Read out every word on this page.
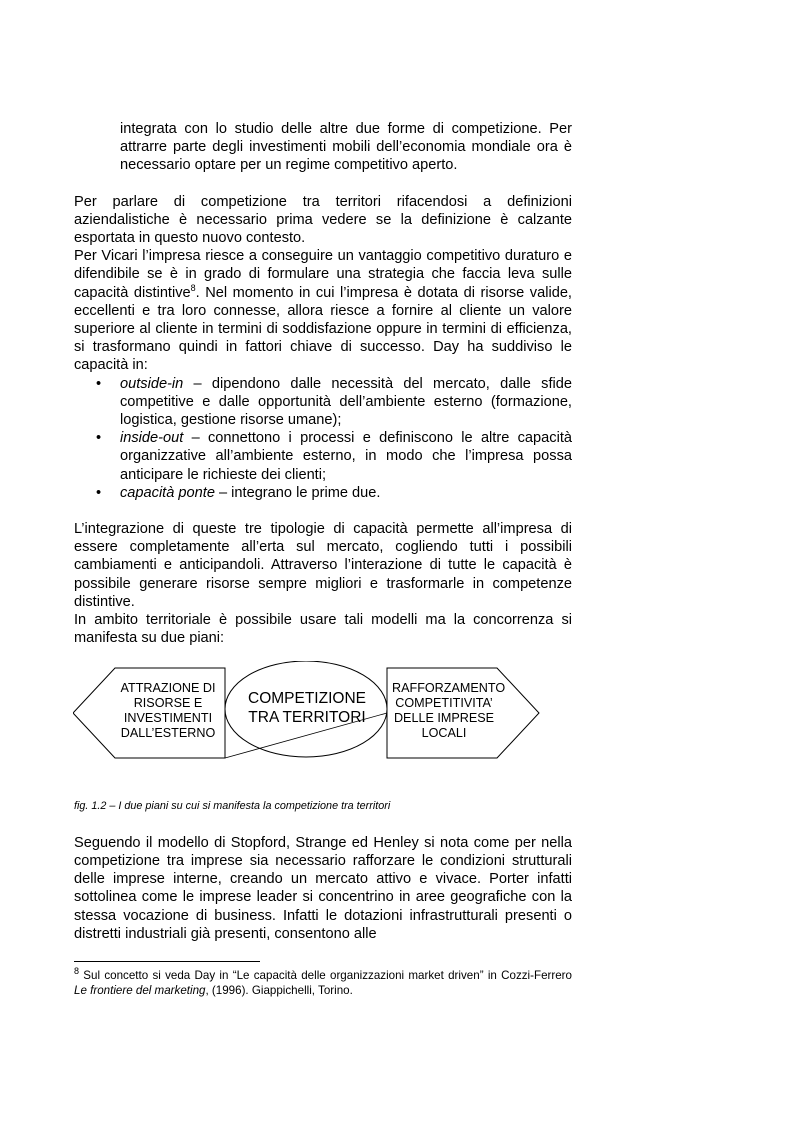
integrata con lo studio delle altre due forme di competizione. Per attrarre parte degli investimenti mobili dell’economia mondiale ora è necessario optare per un regime competitivo aperto.

Per parlare di competizione tra territori rifacendosi a definizioni aziendalistiche è necessario prima vedere se la definizione è calzante esportata in questo nuovo contesto.

Per Vicari l’impresa riesce a conseguire un vantaggio competitivo duraturo e difendibile se è in grado di formulare una strategia che faccia leva sulle capacità distintive$^8$. Nel momento in cui l’impresa è dotata di risorse valide, eccellenti e tra loro connesse, allora riesce a fornire al cliente un valore superiore al cliente in termini di soddisfazione oppure in termini di efficienza, si trasformano quindi in fattori chiave di successo. Day ha suddiviso le capacità in:

• outside-in – dipendono dalle necessità del mercato, dalle sfide competitive e dalle opportunità dell’ambiente esterno (formazione, logistica, gestione risorse umane);
• inside-out – connettono i processi e definiscono le altre capacità organizzative all’ambiente esterno, in modo che l’impresa possa anticipare le richieste dei clienti;
• capacità ponte – integrano le prime due.

L’integrazione di queste tre tipologie di capacità permette all’impresa di essere completamente all’erta sul mercato, cogliendo tutti i possibili cambiamenti e anticipandoli. Attraverso l’interazione di tutte le capacità è possibile generare risorse sempre migliori e trasformarle in competenze distintive.

In ambito territoriale è possibile usare tali modelli ma la concorrenza si manifesta su due piani:

ATTRAZIONE DI
RISORSE E
INVESTIMENTI
DALL’ESTERNO
COMPETIZIONE
TRA TERRITORI
RAFFORZAMENTO
COMPETITIVITA’
DELLE IMPRESE
LOCALI
fig. 1.2 – I due piani su cui si manifesta la competizione tra territori

Seguendo il modello di Stopford, Strange ed Henley si nota come per nella competizione tra imprese sia necessario rafforzare le condizioni strutturali delle imprese interne, creando un mercato attivo e vivace. Porter infatti sottolinea come le imprese leader si concentrino in aree geografiche con la stessa vocazione di business. Infatti le dotazioni infrastrutturali presenti o distretti industriali già presenti, consentono alle

$^8$ Sul concetto si veda Day in “Le capacità delle organizzazioni market driven” in Cozzi-Ferrero Le frontiere del marketing, (1996). Giappichelli, Torino.
